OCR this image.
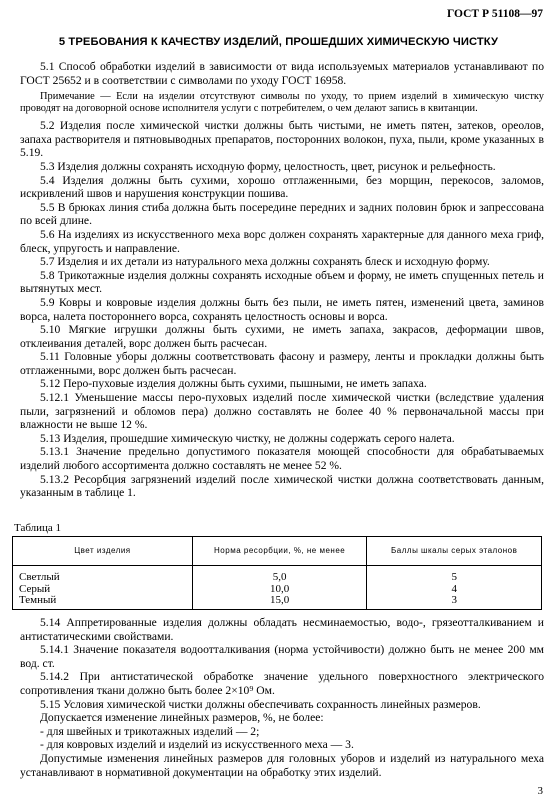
ГОСТ Р 51108—97
5 ТРЕБОВАНИЯ К КАЧЕСТВУ ИЗДЕЛИЙ, ПРОШЕДШИХ ХИМИЧЕСКУЮ ЧИСТКУ

5.1 Способ обработки изделий в зависимости от вида используемых материалов устанавливают по ГОСТ 25652 и в соответствии с символами по уходу ГОСТ 16958.

Примечание — Если на изделии отсутствуют символы по уходу, то прием изделий в химическую чистку проводят на договорной основе исполнителя услуги с потребителем, о чем делают запись в квитанции.

5.2 Изделия после химической чистки должны быть чистыми, не иметь пятен, затеков, ореолов, запаха растворителя и пятновыводных препаратов, посторонних волокон, пуха, пыли, кроме указанных в 5.19.

5.3 Изделия должны сохранять исходную форму, целостность, цвет, рисунок и рельефность.

5.4 Изделия должны быть сухими, хорошо отглаженными, без морщин, перекосов, заломов, искривлений швов и нарушения конструкции пошива.

5.5 В брюках линия стиба должна быть посередине передних и задних половин брюк и запрессована по всей длине.

5.6 На изделиях из искусственного меха ворс должен сохранять характерные для данного меха гриф, блеск, упругость и направление.

5.7 Изделия и их детали из натурального меха должны сохранять блеск и исходную форму.

5.8 Трикотажные изделия должны сохранять исходные объем и форму, не иметь спущенных петель и вытянутых мест.

5.9 Ковры и ковровые изделия должны быть без пыли, не иметь пятен, изменений цвета, заминов ворса, налета постороннего ворса, сохранять целостность основы и ворса.

5.10 Мягкие игрушки должны быть сухими, не иметь запаха, закрасов, деформации швов, отклеивания деталей, ворс должен быть расчесан.

5.11 Головные уборы должны соответствовать фасону и размеру, ленты и прокладки должны быть отглаженными, ворс должен быть расчесан.

5.12 Перо-пуховые изделия должны быть сухими, пышными, не иметь запаха.

5.12.1 Уменьшение массы перо-пуховых изделий после химической чистки (вследствие удаления пыли, загрязнений и обломов пера) должно составлять не более 40 % первоначальной массы при влажности не выше 12 %.

5.13 Изделия, прошедшие химическую чистку, не должны содержать серого налета.

5.13.1 Значение предельно допустимого показателя моющей способности для обрабатываемых изделий любого ассортимента должно составлять не менее 52 %.

5.13.2 Ресорбция загрязнений изделий после химической чистки должна соответствовать данным, указанным в таблице 1.

Таблица 1
Цвет изделия	Норма ресорбции, %, не менее	Баллы шкалы серых эталонов
Светлый	5,0	5
Серый	10,0	4
Темный	15,0	3

5.14 Аппретированные изделия должны обладать несминаемостью, водо-, грязеотталкиванием и антистатическими свойствами.

5.14.1 Значение показателя водоотталкивания (норма устойчивости) должно быть не менее 200 мм вод. ст.

5.14.2 При антистатической обработке значение удельного поверхностного электрического сопротивления ткани должно быть более 2×10⁹ Ом.

5.15 Условия химической чистки должны обеспечивать сохранность линейных размеров.

Допускается изменение линейных размеров, %, не более:

- для швейных и трикотажных изделий — 2;

- для ковровых изделий и изделий из искусственного меха — 3.

Допустимые изменения линейных размеров для головных уборов и изделий из натурального меха устанавливают в нормативной документации на обработку этих изделий.

3
